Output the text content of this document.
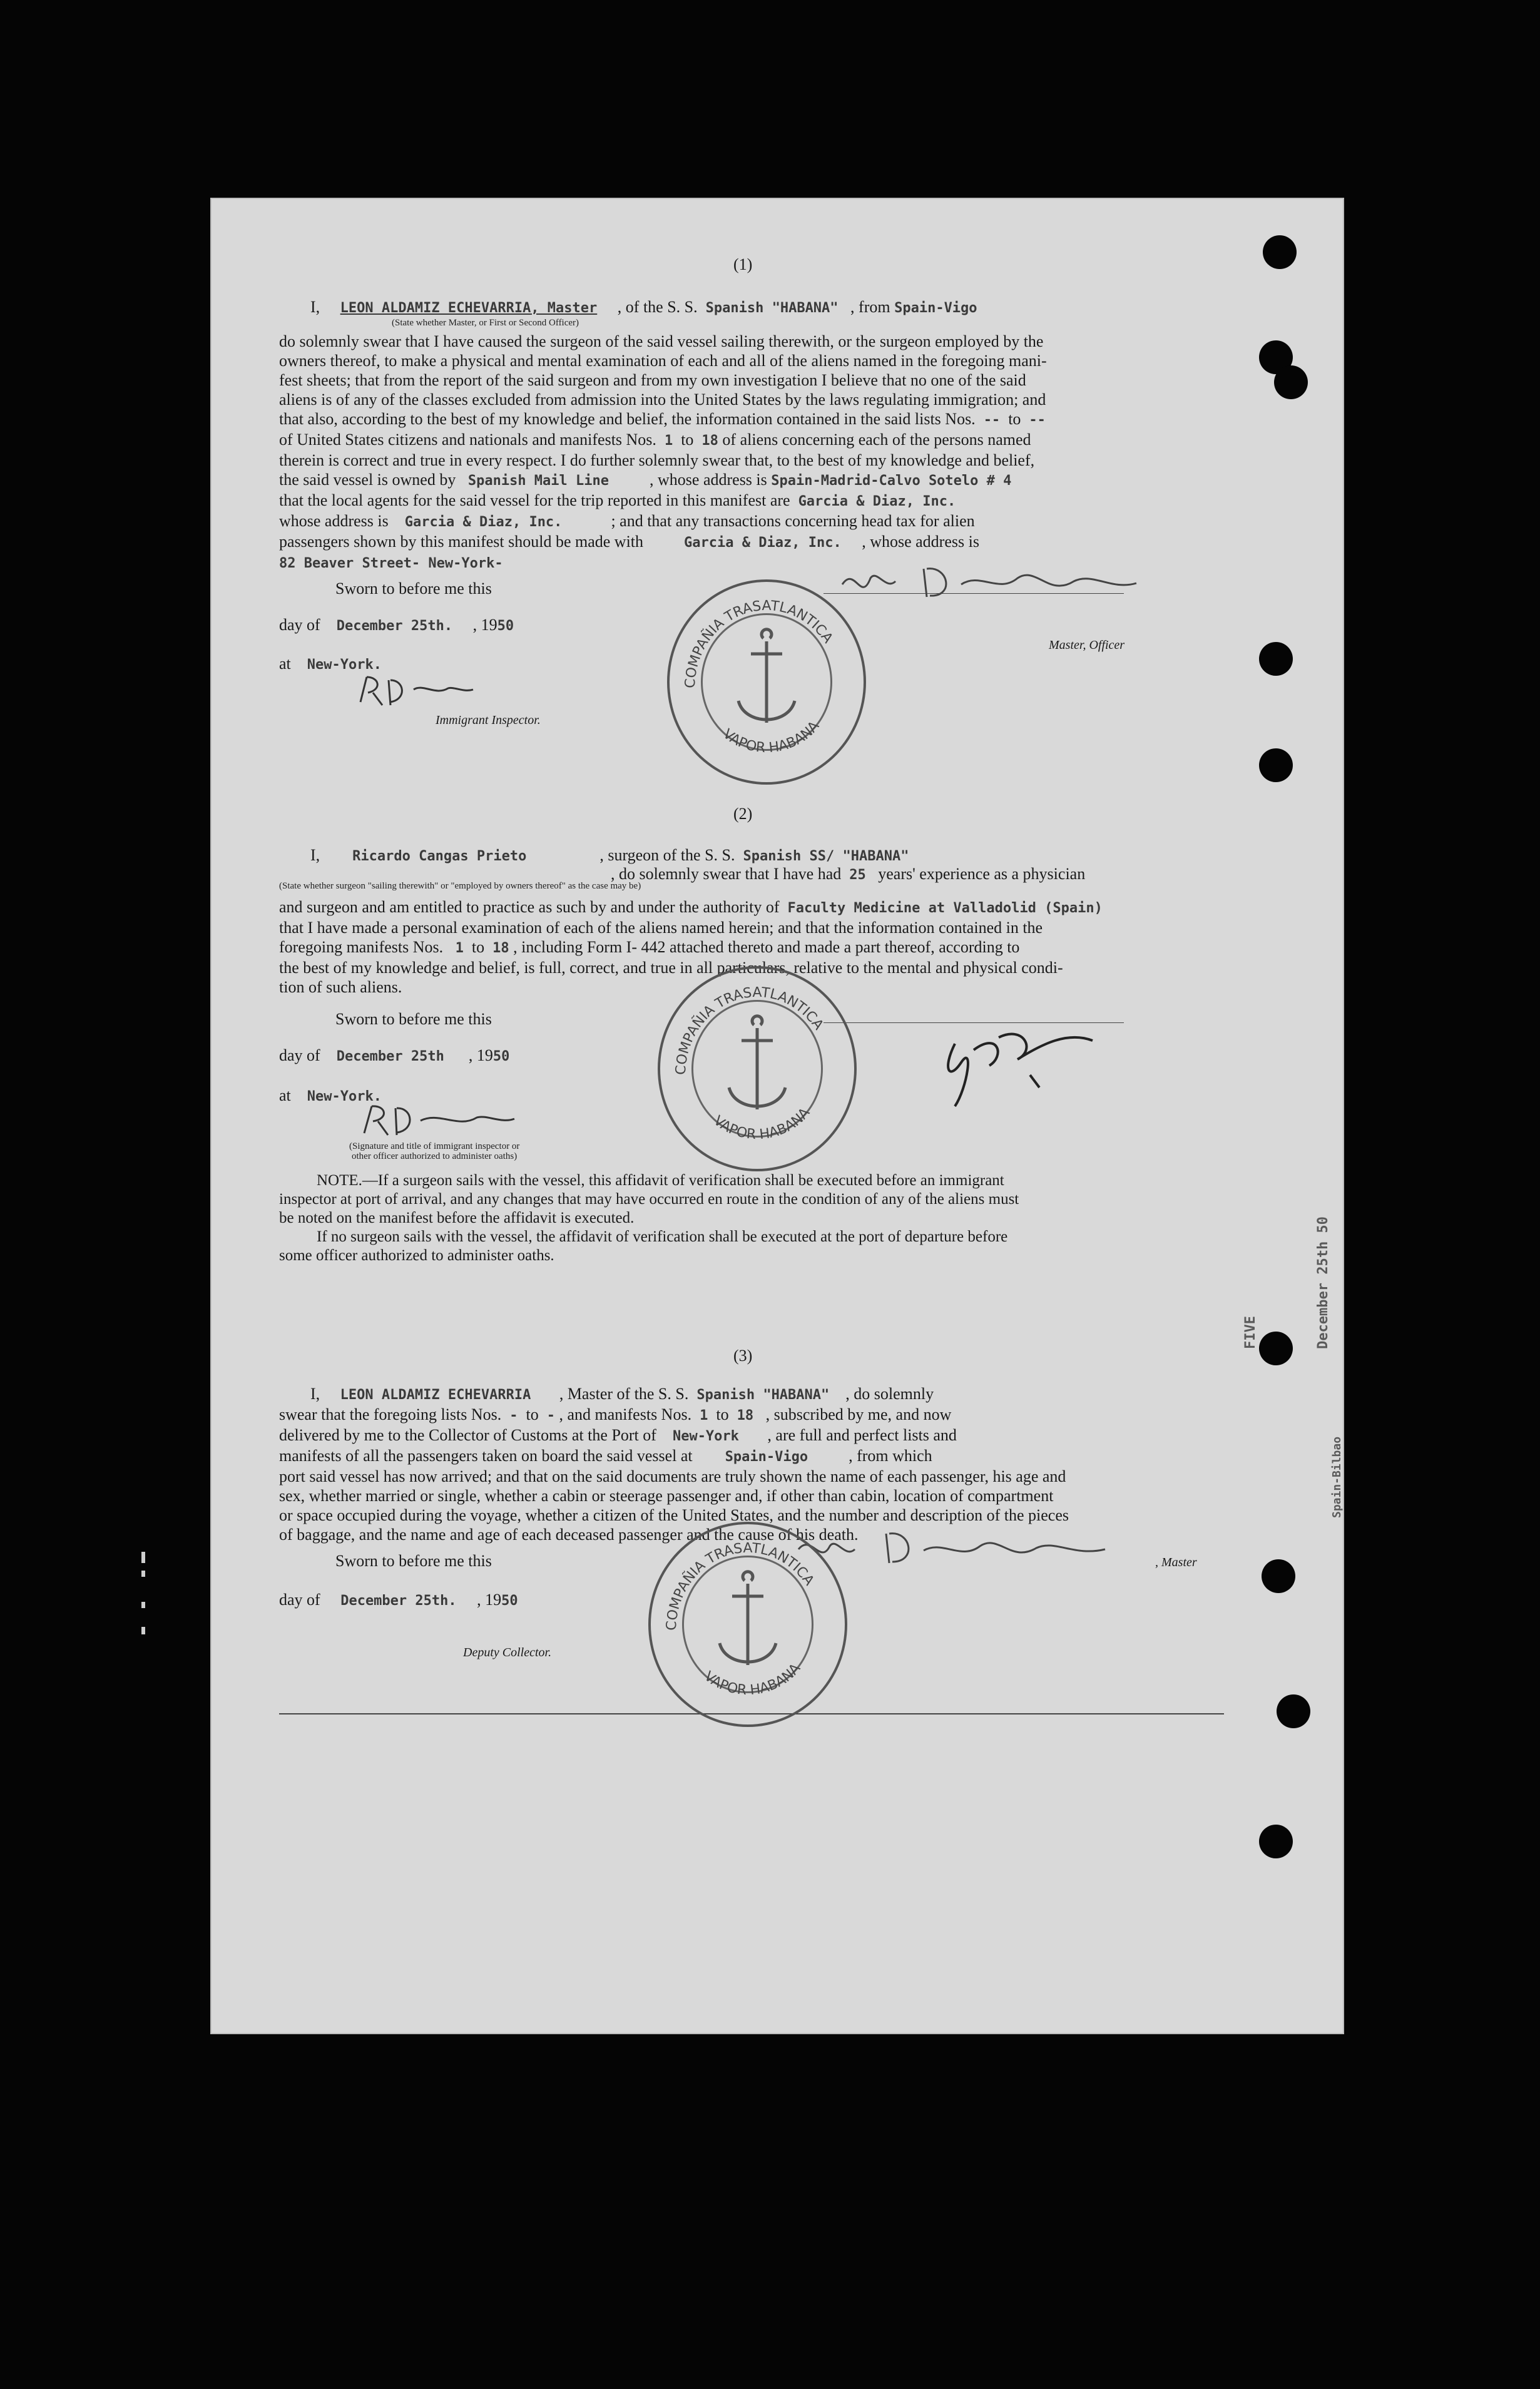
(1)
I, LEON ALDAMIZ ECHEVARRIA, Master , of the S. S. Spanish "HABANA" , from Spain-Vigo
(State whether Master, or First or Second Officer)
do solemnly swear that I have caused the surgeon of the said vessel sailing therewith, or the surgeon employed by the
owners thereof, to make a physical and mental examination of each and all of the aliens named in the foregoing mani-
fest sheets; that from the report of the said surgeon and from my own investigation I believe that no one of the said
aliens is of any of the classes excluded from admission into the United States by the laws regulating immigration; and
that also, according to the best of my knowledge and belief, the information contained in the said lists Nos. -- to --
of United States citizens and nationals and manifests Nos. 1 to 18 of aliens concerning each of the persons named
therein is correct and true in every respect. I do further solemnly swear that, to the best of my knowledge and belief,
the said vessel is owned by Spanish Mail Line	, whose address is Spain-Madrid-Calvo Sotelo # 4
that the local agents for the said vessel for the trip reported in this manifest are Garcia & Diaz, Inc.
whose address is Garcia & Diaz, Inc.	; and that any transactions concerning head tax for alien
passengers shown by this manifest should be made with	Garcia & Diaz, Inc. , whose address is
82 Beaver Street- New-York-
Sworn to before me this
day of December 25th. , 1950
at New-York.
Immigrant Inspector.
Master, Officer
(2)
I, Ricardo Cangas Prieto	, surgeon of the S. S. Spanish SS/ "HABANA"
, do solemnly swear that I have had 25 years' experience as a physician
(State whether surgeon "sailing therewith" or "employed by owners thereof" as the case may be)
and surgeon and am entitled to practice as such by and under the authority of Faculty Medicine at Valladolid (Spain)
that I have made a personal examination of each of the aliens named herein; and that the information contained in the
foregoing manifests Nos. 1 to 18 , including Form I- 442 attached thereto and made a part thereof, according to
the best of my knowledge and belief, is full, correct, and true in all particulars, relative to the mental and physical condi-
tion of such aliens.
Sworn to before me this
day of December 25th , 1950
at New-York.
(Signature and title of immigrant inspector or
other officer authorized to administer oaths)
NOTE.—If a surgeon sails with the vessel, this affidavit of verification shall be executed before an immigrant
inspector at port of arrival, and any changes that may have occurred en route in the condition of any of the aliens must
be noted on the manifest before the affidavit is executed.
If no surgeon sails with the vessel, the affidavit of verification shall be executed at the port of departure before
some officer authorized to administer oaths.
(3)
I, LEON ALDAMIZ ECHEVARRIA , Master of the S. S. Spanish "HABANA" , do solemnly
swear that the foregoing lists Nos. - to - , and manifests Nos. 1 to 18 , subscribed by me, and now
delivered by me to the Collector of Customs at the Port of New-York , are full and perfect lists and
manifests of all the passengers taken on board the said vessel at Spain-Vigo	, from which
port said vessel has now arrived; and that on the said documents are truly shown the name of each passenger, his age and
sex, whether married or single, whether a cabin or steerage passenger and, if other than cabin, location of compartment
or space occupied during the voyage, whether a citizen of the United States, and the number and description of the pieces
of baggage, and the name and age of each deceased passenger and the cause of his death.
Sworn to before me this	, Master
day of December 25th. , 1950
Deputy Collector.
COMPAÑIA TRASATLANTICA
VAPOR HABANA
COMPAÑIA TRASATLANTICA
VAPOR HABANA
COMPAÑIA TRASATLANTICA
VAPOR HABANA
FIVE	December 25th 50
Spain-Bilbao
